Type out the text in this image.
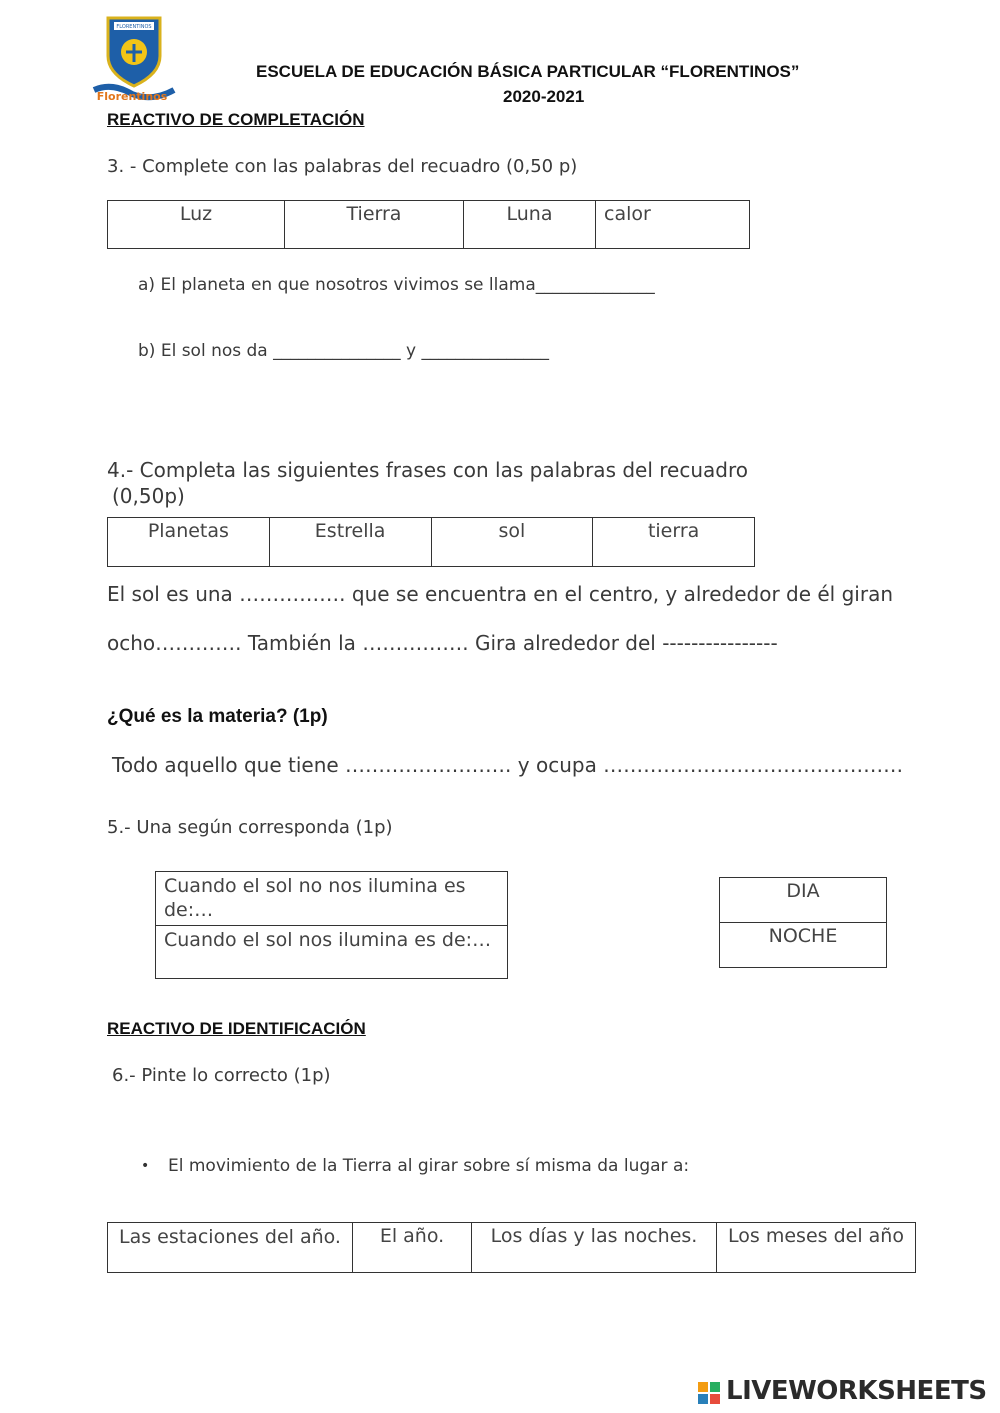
FLORENTINOS
Florentinos
ESCUELA DE EDUCACIÓN BÁSICA PARTICULAR “FLORENTINOS”
2020-2021
REACTIVO DE COMPLETACIÓN
3. - Complete con las palabras del recuadro (0,50 p)
Luz	Tierra	Luna	calor
a) El planeta en que nosotros vivimos se llama______________
b) El sol nos da _______________ y _______________
4.- Completa las siguientes frases con las palabras del recuadro
(0,50p)
Planetas	Estrella	sol	tierra
El sol es una ……………. que se encuentra en el centro, y alrededor de él giran
ocho…………. También la ……………. Gira alrededor del ----------------
¿Qué es la materia? (1p)
Todo aquello que tiene ……………………. y ocupa ………………………………………
5.- Una según corresponda (1p)
Cuando el sol no nos ilumina es de:…
Cuando el sol nos ilumina es de:…
DIA
NOCHE
REACTIVO DE IDENTIFICACIÓN
6.- Pinte lo correcto (1p)
• El movimiento de la Tierra al girar sobre sí misma da lugar a:
Las estaciones del año.	El año.	Los días y las noches.	Los meses del año
LIVEWORKSHEETS
